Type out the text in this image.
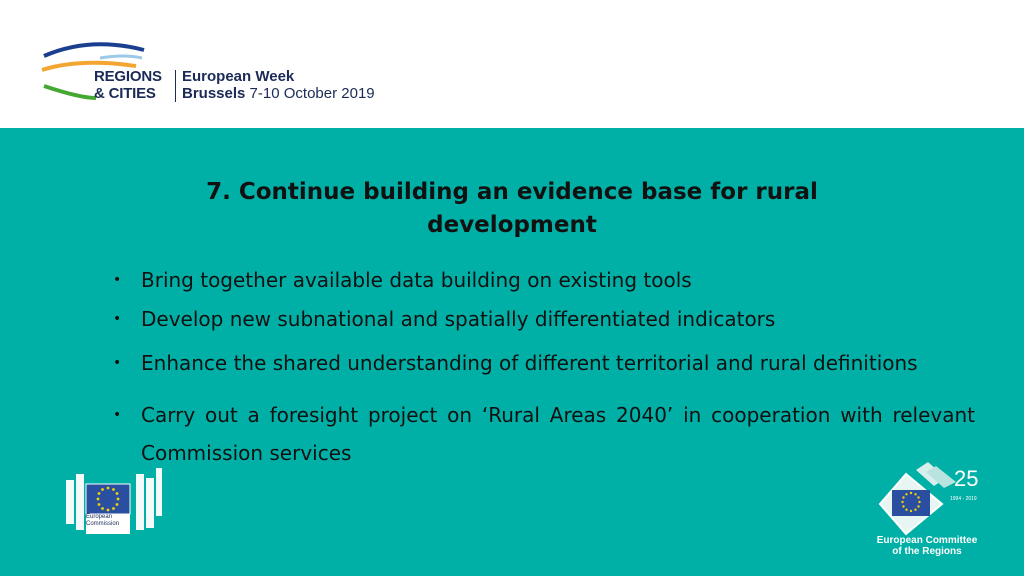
REGIONS
& CITIES
European Week
Brussels 7-10 October 2019
7. Continue building an evidence base for rural development
• Bring together available data building on existing tools
• Develop new subnational and spatially differentiated indicators
• Enhance the shared understanding of different territorial and rural definitions
• Carry out a foresight project on ‘Rural Areas 2040’ in cooperation with relevant Commission services
European
Commission
25
1994 - 2019
European Committee
of the Regions
